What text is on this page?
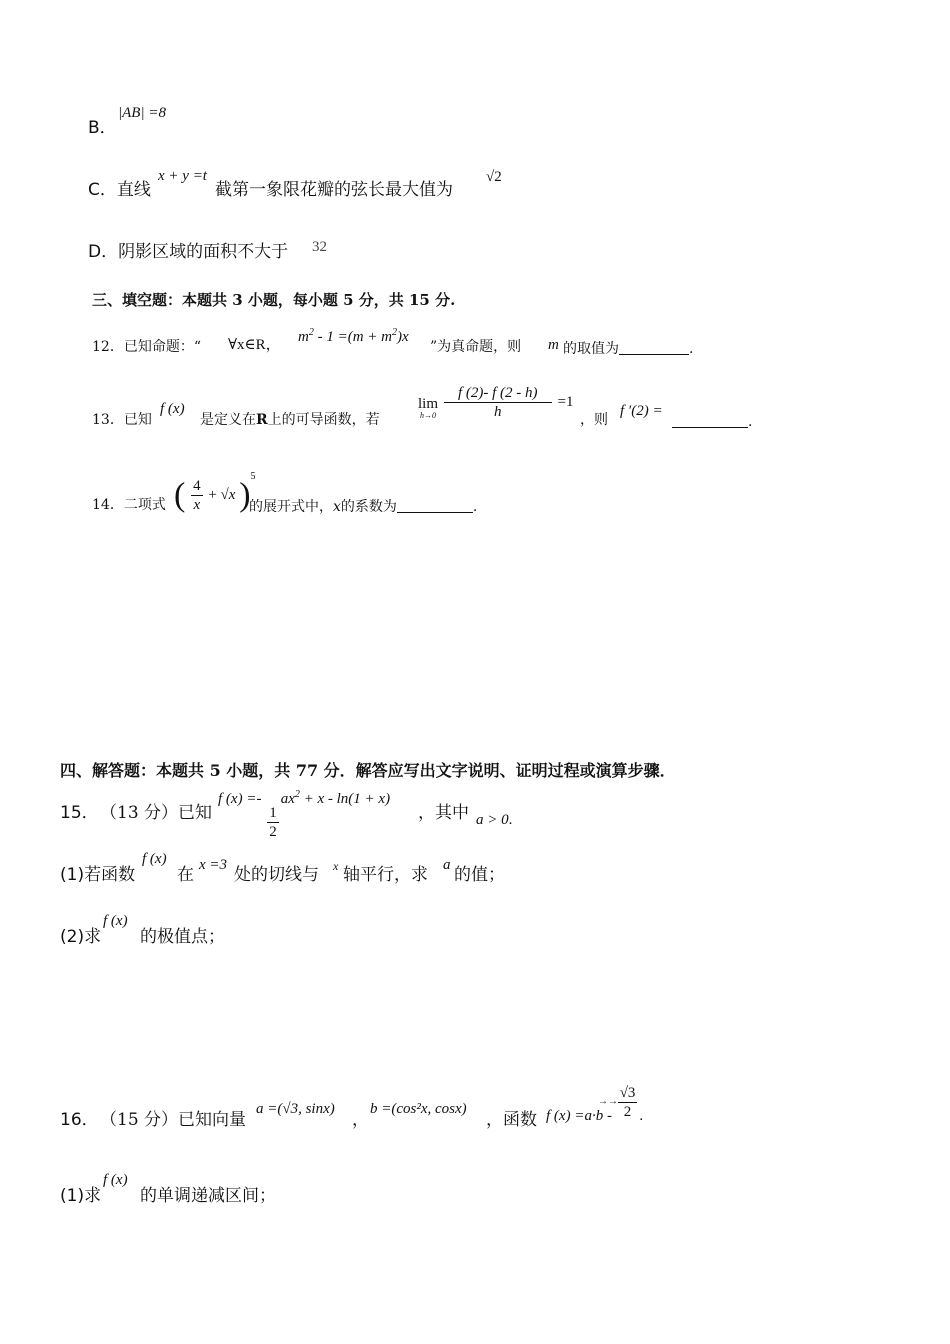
B．
|AB| =8
C．直线
x + y =t
截第一象限花瓣的弦长最大值为
√2
D．阴影区域的面积不大于 32
三、填空题：本题共 3 小题，每小题 5 分，共 15 分.
12．已知命题：“ ∀x∈R， $m^2 - 1 =(m + m^2)x$
”为真命题，则 m 的取值为	.
13．已知
f (x)
是定义在R上的可导函数，若
lim
h→0
$\frac{f (2)- f (2 - h)}{h} =1$
，则
f ′(2) =
.
14．二项式 ( $\frac{4}{x} + √x$ )$^5$
的展开式中，x的系数为	.
四、解答题：本题共 5 小题，共 77 分．解答应写出文字说明、证明过程或演算步骤．
15． （13 分）已知
f (x) =-
$\frac{1}{2}$
$ax^2 + x - \ln(1 + x)$
，其中 a > 0.
(1)若函数
f (x)
在 x =3 处的切线与 x 轴平行，求 a 的值；
(2)求
f (x)
的极值点；
16． （15 分）已知向量
a =(√3, sinx)
，
b =(cos²x, cosx)
，函数
→→
f $(x) =a\cdot b - \frac{√3}{2}$ .
(1)求
f (x)
的单调递减区间；
